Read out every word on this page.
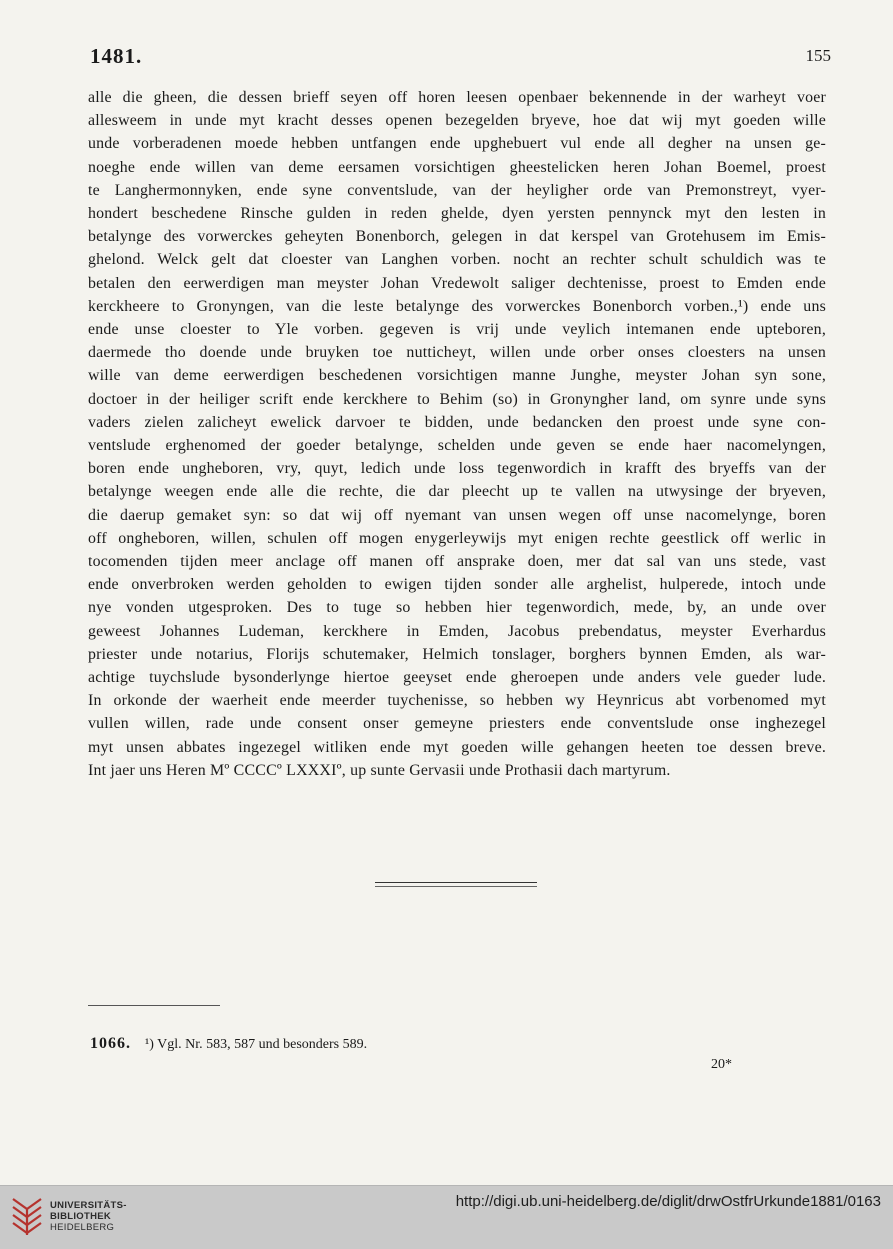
1481.	155
alle die gheen, die dessen brieff seyen off horen leesen openbaer bekennende in der warheyt voer
allesweem in unde myt kracht desses openen bezegelden bryeve, hoe dat wij myt goeden wille
unde vorberadenen moede hebben untfangen ende upghebuert vul ende all degher na unsen ge-
noeghe ende willen van deme eersamen vorsichtigen gheestelicken heren Johan Boemel, proest
te Langhermonnyken, ende syne conventslude, van der heyligher orde van Premonstreyt, vyer-
hondert beschedene Rinsche gulden in reden ghelde, dyen yersten pennynck myt den lesten in
betalynge des vorwerckes geheyten Bonenborch, gelegen in dat kerspel van Grotehusem im Emis-
ghelond. Welck gelt dat cloester van Langhen vorben. nocht an rechter schult schuldich was te
betalen den eerwerdigen man meyster Johan Vredewolt saliger dechtenisse, proest to Emden ende
kerckheere to Gronyngen, van die leste betalynge des vorwerckes Bonenborch vorben.,¹) ende uns
ende unse cloester to Yle vorben. gegeven is vrij unde veylich intemanen ende upteboren,
daermede tho doende unde bruyken toe nutticheyt, willen unde orber onses cloesters na unsen
wille van deme eerwerdigen beschedenen vorsichtigen manne Junghe, meyster Johan syn sone,
doctoer in der heiliger scrift ende kerckhere to Behim (so) in Gronyngher land, om synre unde syns
vaders zielen zalicheyt ewelick darvoer te bidden, unde bedancken den proest unde syne con-
ventslude erghenomed der goeder betalynge, schelden unde geven se ende haer nacomelyngen,
boren ende ungheboren, vry, quyt, ledich unde loss tegenwordich in krafft des bryeffs van der
betalynge weegen ende alle die rechte, die dar pleecht up te vallen na utwysinge der bryeven,
die daerup gemaket syn: so dat wij off nyemant van unsen wegen off unse nacomelynge, boren
off ongheboren, willen, schulen off mogen enygerleywijs myt enigen rechte geestlick off werlic in
tocomenden tijden meer anclage off manen off ansprake doen, mer dat sal van uns stede, vast
ende onverbroken werden geholden to ewigen tijden sonder alle arghelist, hulperede, intoch unde
nye vonden utgesproken. Des to tuge so hebben hier tegenwordich, mede, by, an unde over
geweest Johannes Ludeman, kerckhere in Emden, Jacobus prebendatus, meyster Everhardus
priester unde notarius, Florijs schutemaker, Helmich tonslager, borghers bynnen Emden, als war-
achtige tuychslude bysonderlynge hiertoe geeyset ende gheroepen unde anders vele gueder lude.
In orkonde der waerheit ende meerder tuychenisse, so hebben wy Heynricus abt vorbenomed myt
vullen willen, rade unde consent onser gemeyne priesters ende conventslude onse inghezegel
myt unsen abbates ingezegel witliken ende myt goeden wille gehangen heeten toe dessen breve.
Int jaer uns Heren Mº CCCCº LXXXIº, up sunte Gervasii unde Prothasii dach martyrum.
1066. ¹) Vgl. Nr. 583, 587 und besonders 589.
20*
UNIVERSITÄTS-
BIBLIOTHEK
HEIDELBERG
http://digi.ub.uni-heidelberg.de/diglit/drwOstfrUrkunde1881/0163
